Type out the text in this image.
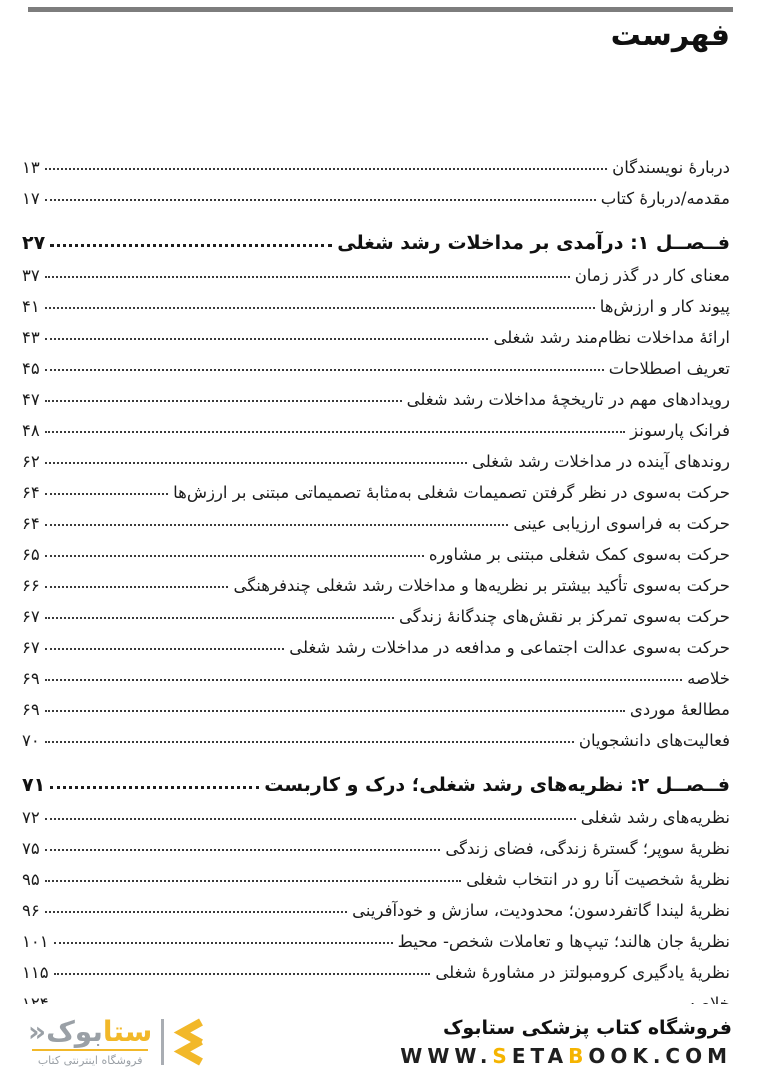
فهرست
دربارهٔ نویسندگان
۱۳
مقدمه/دربارهٔ کتاب
۱۷
فــصــل ۱: درآمدی بر مداخلات رشد شغلی
۲۷
معنای کار در گذر زمان
۳۷
پیوند کار و ارزش‌ها
۴۱
ارائهٔ مداخلات نظام‌مند رشد شغلی
۴۳
تعریف اصطلاحات
۴۵
رویدادهای مهم در تاریخچهٔ مداخلات رشد شغلی
۴۷
فرانک پارسونز
۴۸
روندهای آینده در مداخلات رشد شغلی
۶۲
حرکت به‌سوی در نظر گرفتن تصمیمات شغلی به‌مثابهٔ تصمیماتی مبتنی بر ارزش‌ها
۶۴
حرکت به فراسوی ارزیابی عینی
۶۴
حرکت به‌سوی کمک شغلی مبتنی بر مشاوره
۶۵
حرکت به‌سوی تأکید بیشتر بر نظریه‌ها و مداخلات رشد شغلی چندفرهنگی
۶۶
حرکت به‌سوی تمرکز بر نقش‌های چندگانهٔ زندگی
۶۷
حرکت به‌سوی عدالت اجتماعی و مدافعه در مداخلات رشد شغلی
۶۷
خلاصه
۶۹
مطالعهٔ موردی
۶۹
فعالیت‌های دانشجویان
۷۰
فــصــل ۲: نظریه‌های رشد شغلی؛ درک و کاربست
۷۱
نظریه‌های رشد شغلی
۷۲
نظریهٔ سوپر؛ گسترهٔ زندگی، فضای زندگی
۷۵
نظریهٔ شخصیت آنا رو در انتخاب شغلی
۹۵
نظریهٔ لیندا گاتفردسون؛ محدودیت، سازش و خودآفرینی
۹۶
نظریهٔ جان هالند؛ تیپ‌ها و تعاملات شخص- محیط
۱۰۱
نظریهٔ یادگیری کرومبولتز در مشاورهٔ شغلی
۱۱۵
ستابوک«
فروشگاه اینترنتی کتاب
فروشگاه کتاب پزشکی ستابوک
WWW.SETABOOK.COM
